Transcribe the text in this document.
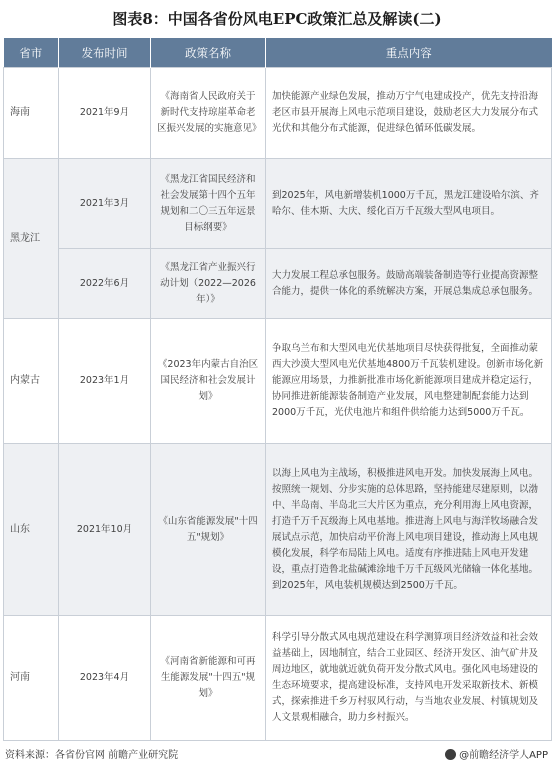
图表8：中国各省份风电EPC政策汇总及解读(二)
省市	发布时间	政策名称	重点内容
海南	2021年9月	《海南省人民政府关于新时代支持琼崖革命老区振兴发展的实施意见》	加快能源产业绿色发展，推动万宁气电建成投产，优先支持沿海老区市县开展海上风电示范项目建设，鼓励老区大力发展分布式光伏和其他分布式能源，促进绿色循环低碳发展。
黑龙江	2021年3月	《黑龙江省国民经济和社会发展第十四个五年规划和二〇三五年远景目标纲要》	到2025年，风电新增装机1000万千瓦，黑龙江建设哈尔滨、齐哈尔、佳木斯、大庆、绥化百万千瓦级大型风电项目。
	2022年6月	《黑龙江省产业振兴行动计划（2022—2026年）》	大力发展工程总承包服务。鼓励高端装备制造等行业提高资源整合能力，提供一体化的系统解决方案，开展总集成总承包服务。
内蒙古	2023年1月	《2023年内蒙古自治区国民经济和社会发展计划》	争取乌兰布和大型风电光伏基地项目尽快获得批复，全面推动蒙西大沙漠大型风电光伏基地4800万千瓦装机建设。创新市场化新能源应用场景，力推新批准市场化新能源项目建成并稳定运行，协同推进新能源装备制造产业发展，风电整建制配套能力达到2000万千瓦，光伏电池片和组件供给能力达到5000万千瓦。
山东	2021年10月	《山东省能源发展"十四五"规划》	以海上风电为主战场，积极推进风电开发。加快发展海上风电。按照统一规划、分步实施的总体思路，坚持能建尽建原则，以渤中、半岛南、半岛北三大片区为重点，充分利用海上风电资源，打造千万千瓦级海上风电基地。推进海上风电与海洋牧场融合发展试点示范，加快启动平价海上风电项目建设，推动海上风电规模化发展，科学布局陆上风电。适度有序推进陆上风电开发建设，重点打造鲁北盐碱滩涂地千万千瓦级风光储输一体化基地。到2025年，风电装机规模达到2500万千瓦。
河南	2023年4月	《河南省新能源和可再生能源发展"十四五"规划》	科学引导分散式风电规范建设在科学测算项目经济效益和社会效益基础上，因地制宜，结合工业园区、经济开发区、油气矿井及周边地区，就地就近就负荷开发分散式风电。强化风电场建设的生态环境要求，提高建设标准，支持风电开发采取新技术、新模式，探索推进千乡万村驭风行动，与当地农业发展、村镇规划及人文景观相融合，助力乡村振兴。
资料来源：各省份官网 前瞻产业研究院	@前瞻经济学人APP
